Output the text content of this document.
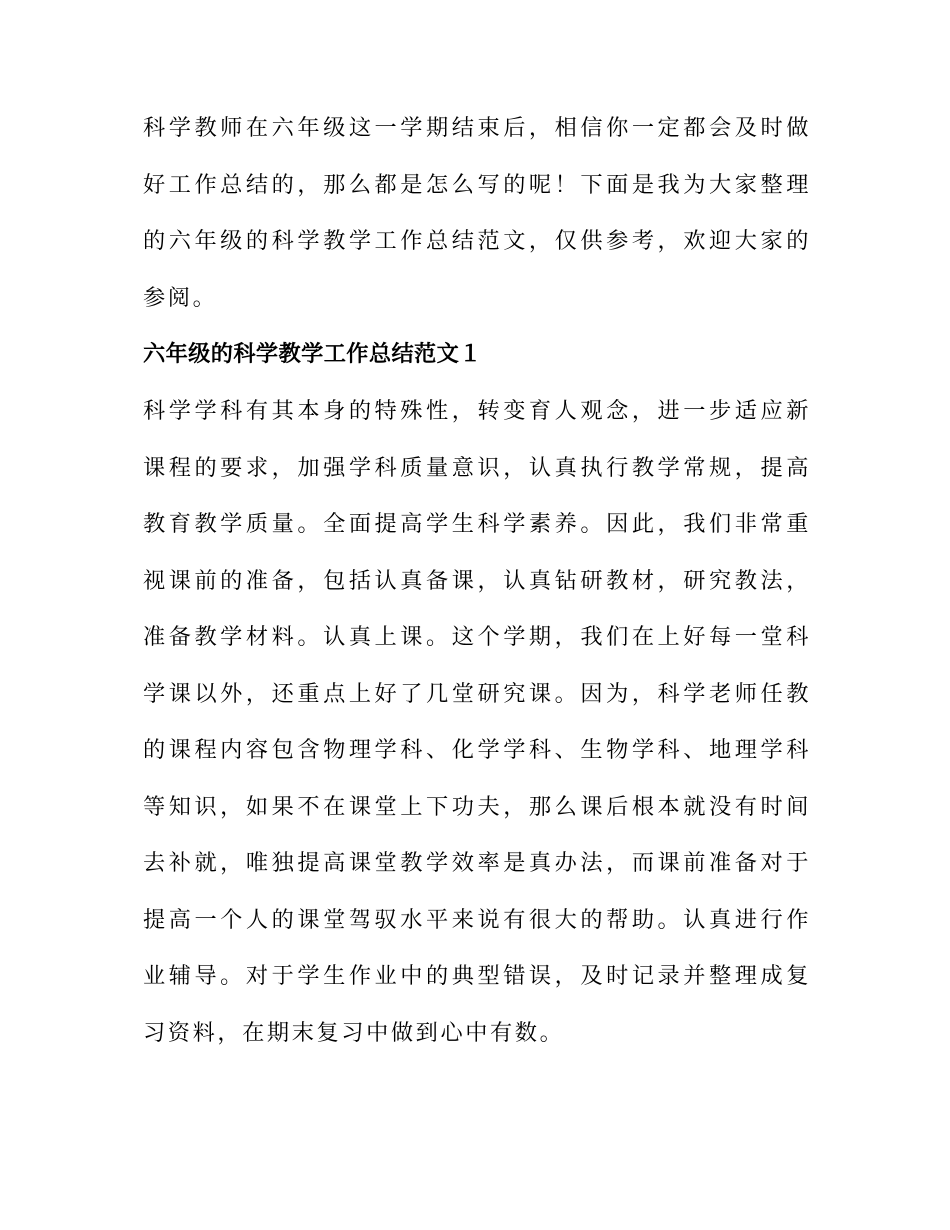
科学教师在六年级这一学期结束后，相信你一定都会及时做好工作总结的，那么都是怎么写的呢！下面是我为大家整理的六年级的科学教学工作总结范文，仅供参考，欢迎大家的参阅。

六年级的科学教学工作总结范文１

科学学科有其本身的特殊性，转变育人观念，进一步适应新课程的要求，加强学科质量意识，认真执行教学常规，提高教育教学质量。全面提高学生科学素养。因此，我们非常重视课前的准备，包括认真备课，认真钻研教材，研究教法，准备教学材料。认真上课。这个学期，我们在上好每一堂科学课以外，还重点上好了几堂研究课。因为，科学老师任教的课程内容包含物理学科、化学学科、生物学科、地理学科等知识，如果不在课堂上下功夫，那么课后根本就没有时间去补就，唯独提高课堂教学效率是真办法，而课前准备对于提高一个人的课堂驾驭水平来说有很大的帮助。认真进行作业辅导。对于学生作业中的典型错误，及时记录并整理成复习资料，在期末复习中做到心中有数。
